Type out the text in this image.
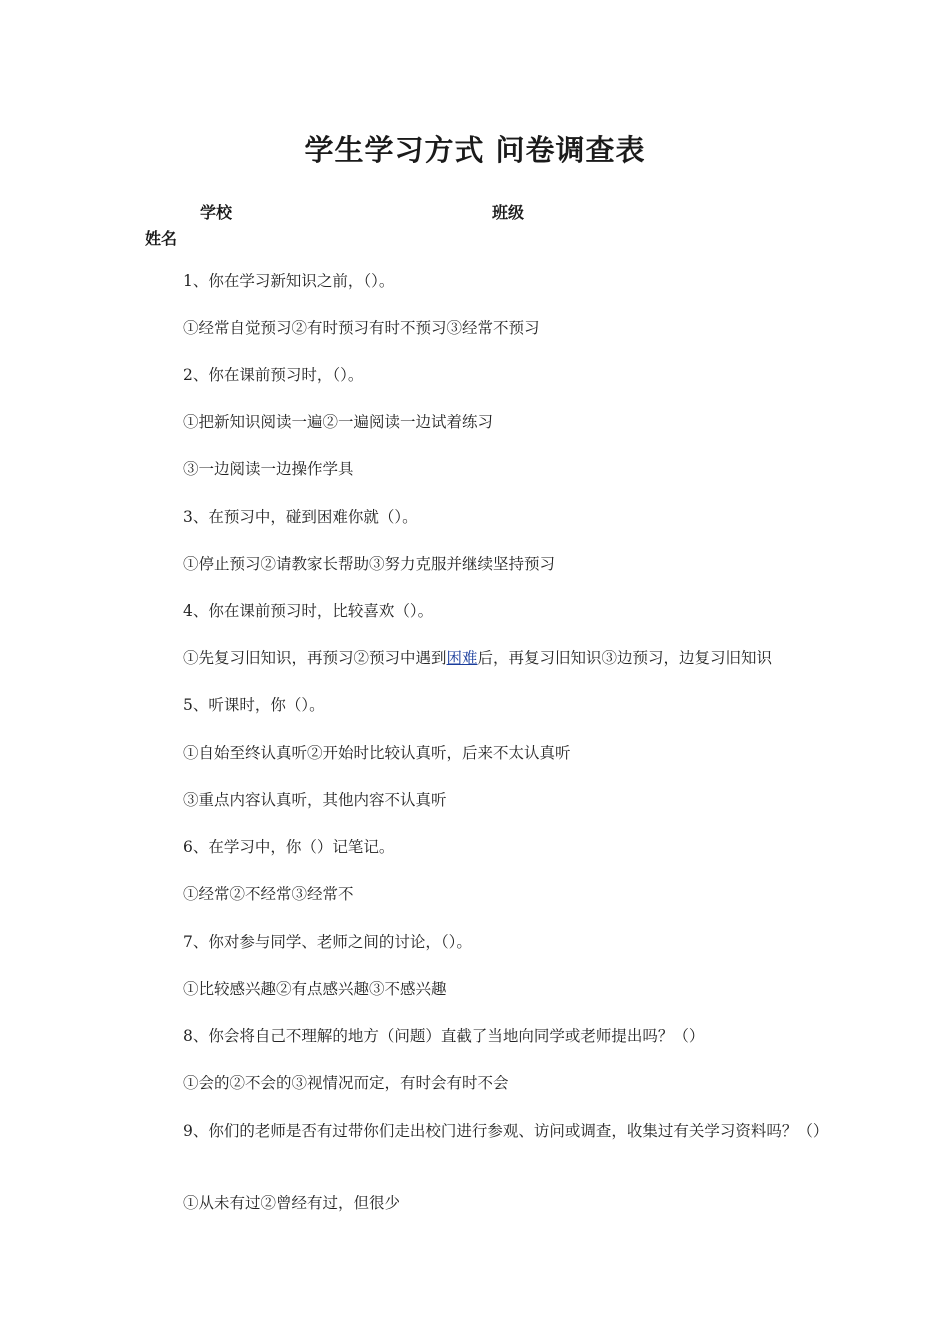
学生学习方式 问卷调查表
学校	班级
姓名
1、你在学习新知识之前，（）。
①经常自觉预习②有时预习有时不预习③经常不预习
2、你在课前预习时，（）。
①把新知识阅读一遍②一遍阅读一边试着练习
③一边阅读一边操作学具
3、在预习中，碰到困难你就（）。
①停止预习②请教家长帮助③努力克服并继续坚持预习
4、你在课前预习时，比较喜欢（）。
①先复习旧知识，再预习②预习中遇到困难后，再复习旧知识③边预习，边复习旧知识
5、听课时，你（）。
①自始至终认真听②开始时比较认真听，后来不太认真听
③重点内容认真听，其他内容不认真听
6、在学习中，你（）记笔记。
①经常②不经常③经常不
7、你对参与同学、老师之间的讨论，（）。
①比较感兴趣②有点感兴趣③不感兴趣
8、你会将自己不理解的地方（问题）直截了当地向同学或老师提出吗？（）
①会的②不会的③视情况而定，有时会有时不会
9、你们的老师是否有过带你们走出校门进行参观、访问或调查，收集过有关学习资料吗？（）
①从未有过②曾经有过，但很少
